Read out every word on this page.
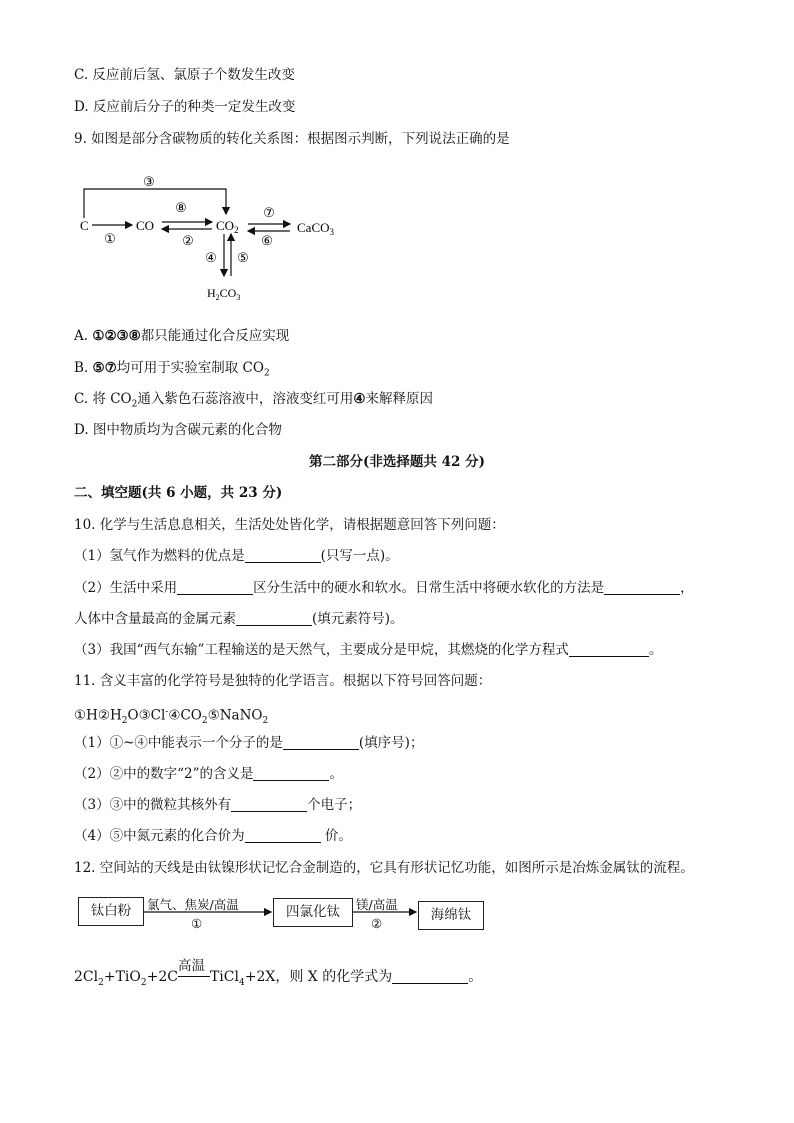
C. 反应前后氢、氯原子个数发生改变
D. 反应前后分子的种类一定发生改变
9. 如图是部分含碳物质的转化关系图：根据图示判断，下列说法正确的是
③
C
①
CO
⑧
②
$CO_2$
⑦
⑥
CaCO$_3$
④ ⑤
$H_2CO_3$
A. ①②③⑧都只能通过化合反应实现
B. ⑤⑦均可用于实验室制取 $CO_2$
C. 将 $CO_2$通入紫色石蕊溶液中，溶液变红可用④来解释原因
D. 图中物质均为含碳元素的化合物
第二部分(非选择题共 42 分)
二、填空题(共 6 小题，共 23 分)
10. 化学与生活息息相关，生活处处皆化学，请根据题意回答下列问题：
（1）氢气作为燃料的优点是	(只写一点)。
（2）生活中采用	区分生活中的硬水和软水。日常生活中将硬水软化的方法是	，
人体中含量最高的金属元素	(填元素符号)。
（3）我国“西气东输”工程输送的是天然气，主要成分是甲烷，其燃烧的化学方程式	。
11. 含义丰富的化学符号是独特的化学语言。根据以下符号回答问题：
$①H②H_2O③Cl^-④CO_2⑤NaNO_2$
（1）①~④中能表示一个分子的是	(填序号)；
（2）②中的数字“2”的含义是	。
（3）③中的微粒其核外有	个电子；
（4）⑤中氮元素的化合价为	价。
12. 空间站的天线是由钛镍形状记忆合金制造的，它具有形状记忆功能，如图所示是冶炼金属钛的流程。
钛白粉	四氯化钛	海绵钛
氯气、焦炭/高温
①
镁/高温
②
$2Cl_2+TiO_2+2C$
高温
TiCl$_4$+2X，则 X 的化学式为	。
